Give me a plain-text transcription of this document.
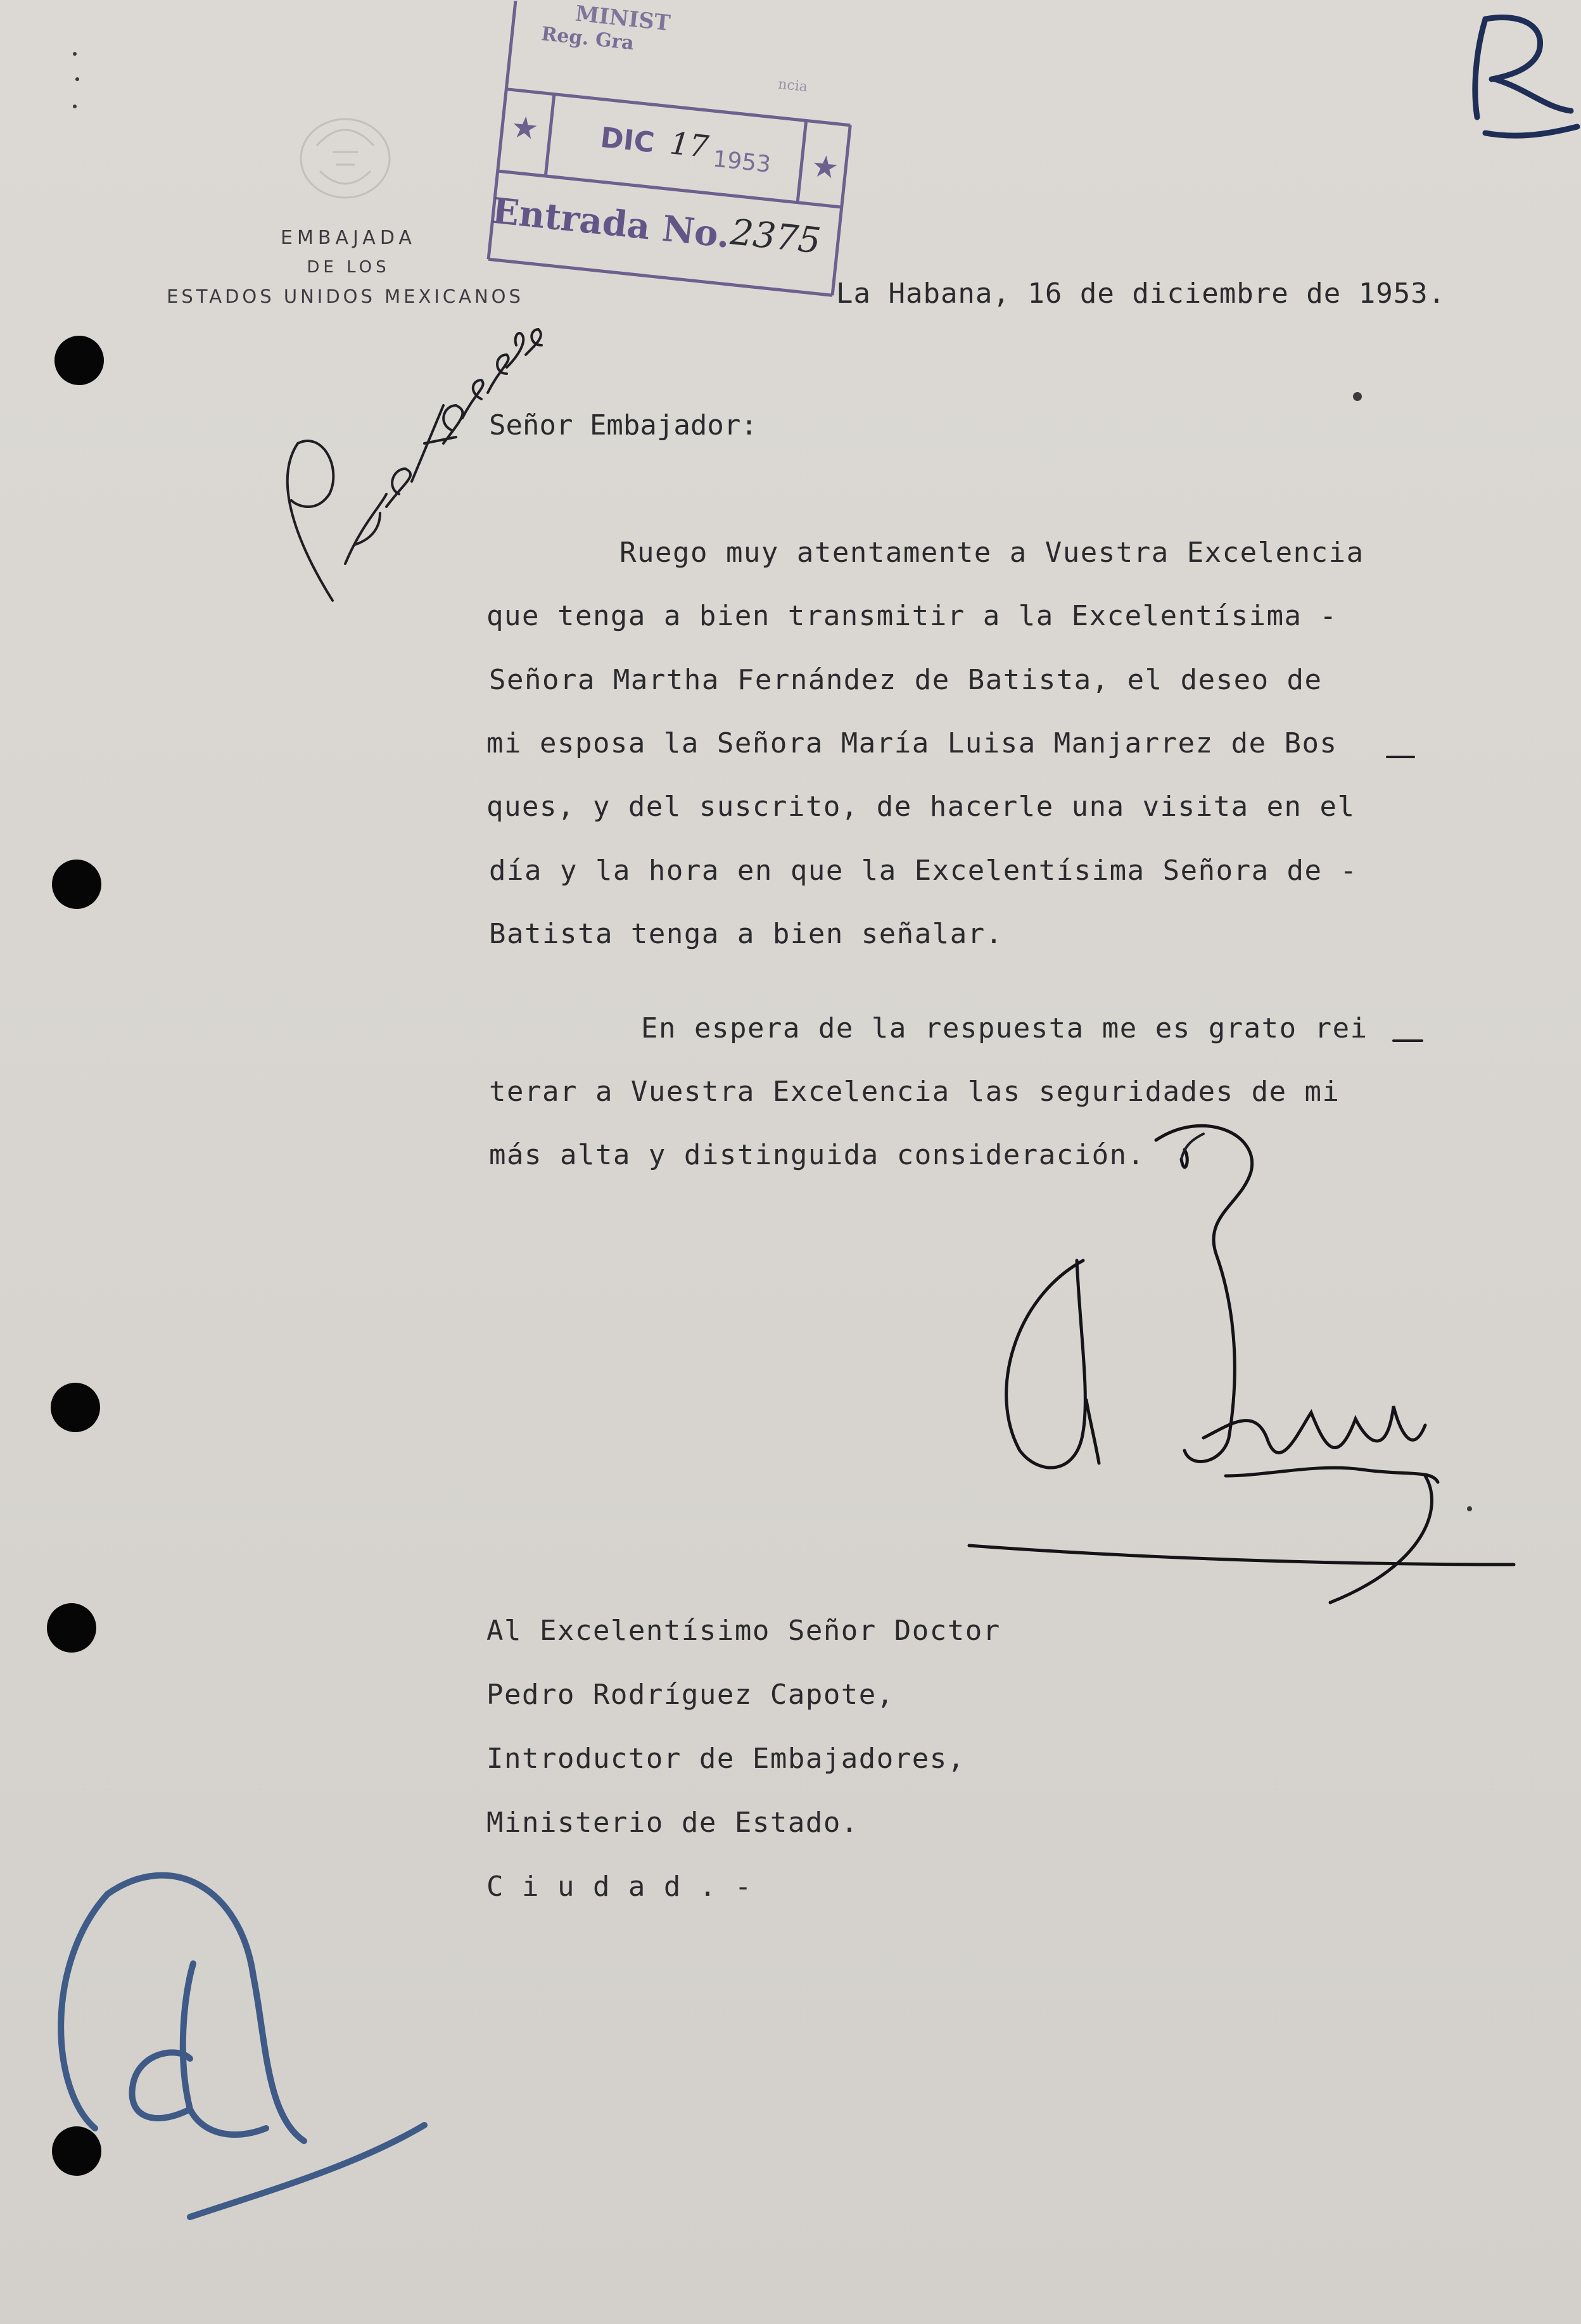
EMBAJADA
DE LOS
ESTADOS UNIDOS MEXICANOS
MINIST
Reg. Gra
ncia
★
★
DIC 17 1953
Entrada No.
2375
La Habana, 16 de diciembre de 1953.
Señor Embajador:
Ruego muy atentamente a Vuestra Excelencia
que tenga a bien transmitir a la Excelentísima -
Señora Martha Fernández de Batista, el deseo de
mi esposa la Señora María Luisa Manjarrez de Bos
ques, y del suscrito, de hacerle una visita en el
día y la hora en que la Excelentísima Señora de -
Batista tenga a bien señalar.
En espera de la respuesta me es grato rei
terar a Vuestra Excelencia las seguridades de mi
más alta y distinguida consideración.
Al Excelentísimo Señor Doctor
Pedro Rodríguez Capote,
Introductor de Embajadores,
Ministerio de Estado.
C i u d a d . -
